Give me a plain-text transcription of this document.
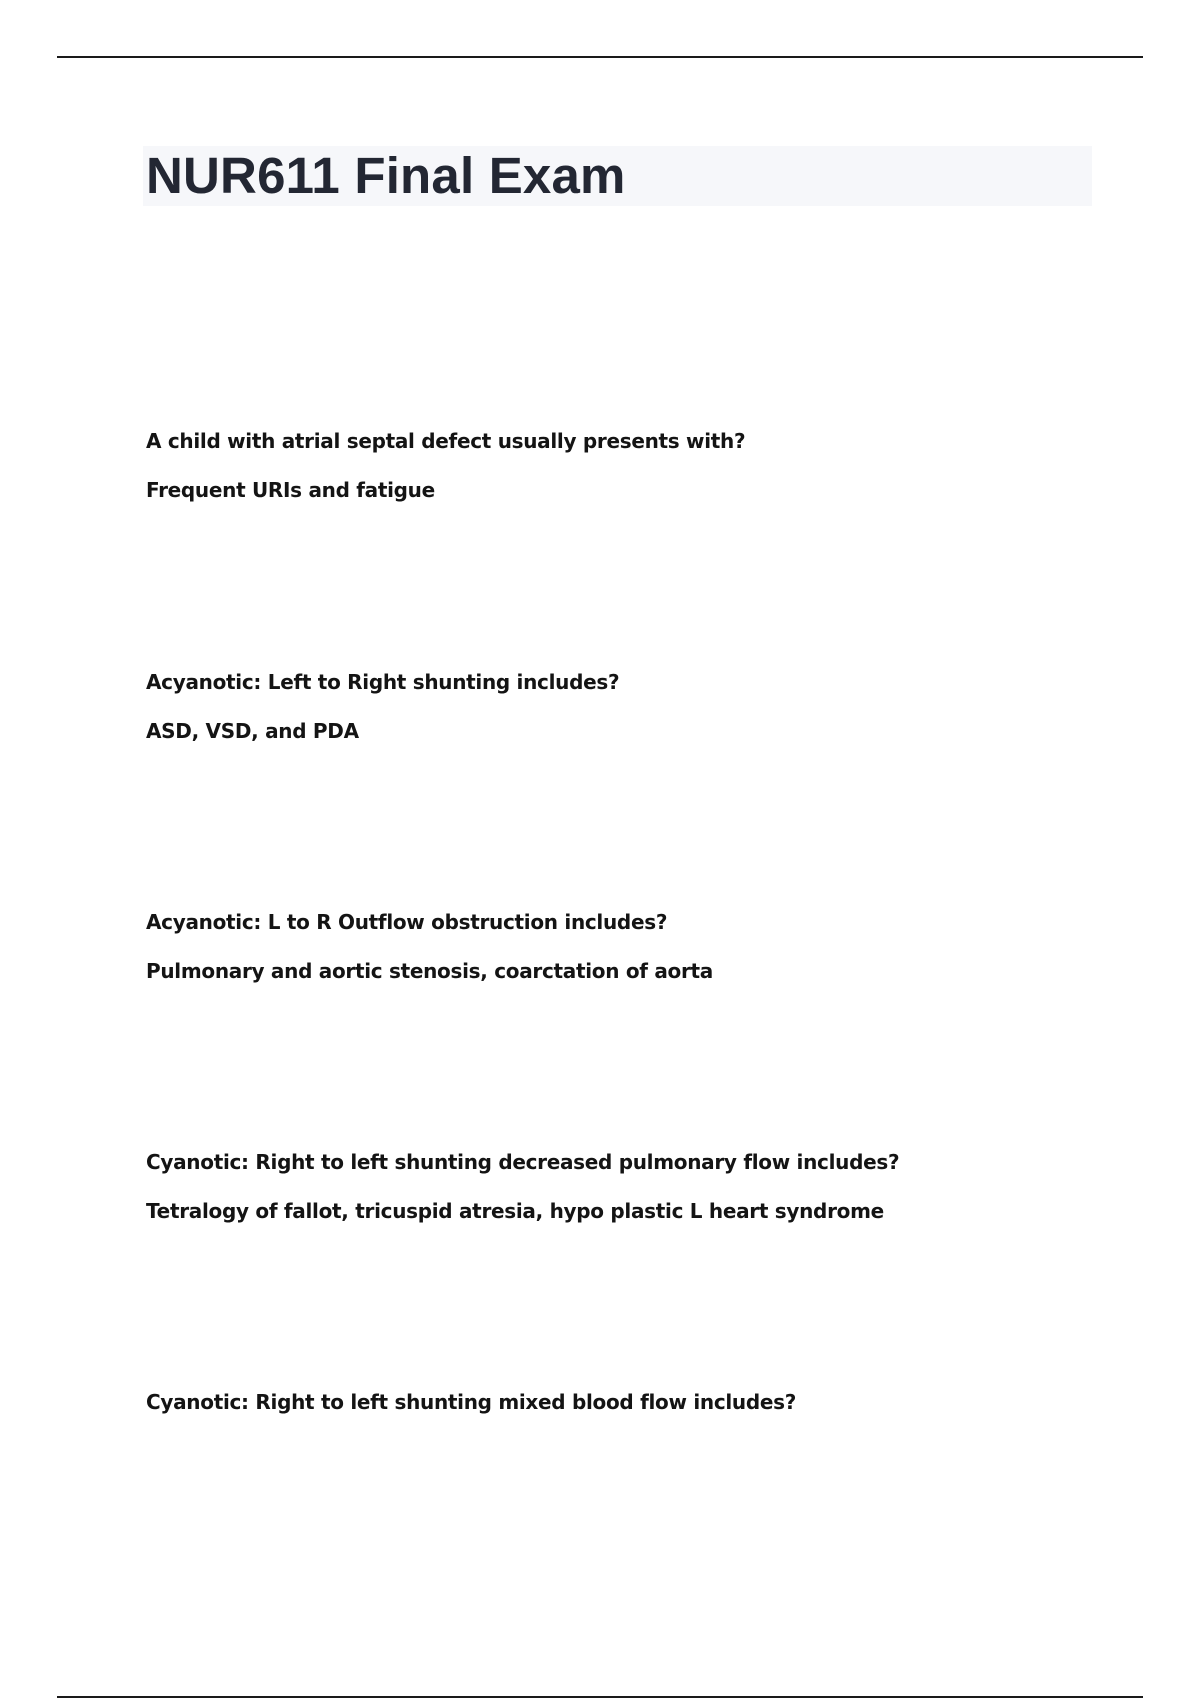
NUR611 Final Exam

A child with atrial septal defect usually presents with?

Frequent URIs and fatigue

Acyanotic: Left to Right shunting includes?

ASD, VSD, and PDA

Acyanotic: L to R Outflow obstruction includes?

Pulmonary and aortic stenosis, coarctation of aorta

Cyanotic: Right to left shunting decreased pulmonary flow includes?

Tetralogy of fallot, tricuspid atresia, hypo plastic L heart syndrome

Cyanotic: Right to left shunting mixed blood flow includes?
